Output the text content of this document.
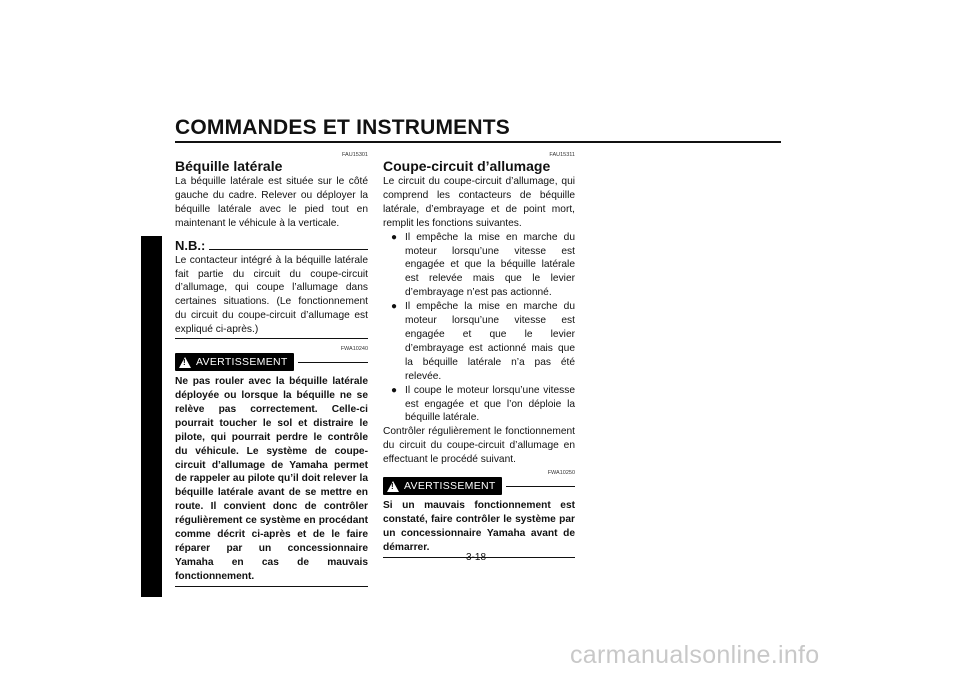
COMMANDES ET INSTRUMENTS
3
FAU15301
Béquille latérale
La béquille latérale est située sur le côté gauche du cadre. Relever ou déployer la béquille latérale avec le pied tout en maintenant le véhicule à la verticale.
N.B.:
Le contacteur intégré à la béquille latérale fait partie du circuit du coupe-circuit d’allumage, qui coupe l’allumage dans certaines situations. (Le fonctionnement du circuit du coupe-circuit d’allumage est expliqué ci-après.)
FWA10240
! AVERTISSEMENT
Ne pas rouler avec la béquille latérale déployée ou lorsque la béquille ne se relève pas correctement. Celle-ci pourrait toucher le sol et distraire le pilote, qui pourrait perdre le contrôle du véhicule. Le système de coupe-circuit d’allumage de Yamaha permet de rappeler au pilote qu’il doit relever la béquille latérale avant de se mettre en route. Il convient donc de contrôler régulièrement ce système en procédant comme décrit ci-après et de le faire réparer par un concessionnaire Yamaha en cas de mauvais fonctionnement.
FAU15311
Coupe-circuit d’allumage
Le circuit du coupe-circuit d’allumage, qui comprend les contacteurs de béquille latérale, d’embrayage et de point mort, remplit les fonctions suivantes.
● Il empêche la mise en marche du moteur lorsqu’une vitesse est engagée et que la béquille latérale est relevée mais que le levier d’embrayage n’est pas actionné.
● Il empêche la mise en marche du moteur lorsqu’une vitesse est engagée et que le levier d’embrayage est actionné mais que la béquille latérale n’a pas été relevée.
● Il coupe le moteur lorsqu’une vitesse est engagée et que l’on déploie la béquille latérale.
Contrôler régulièrement le fonctionnement du circuit du coupe-circuit d’allumage en effectuant le procédé suivant.
FWA10250
! AVERTISSEMENT
Si un mauvais fonctionnement est constaté, faire contrôler le système par un concessionnaire Yamaha avant de démarrer.
3-18
carmanualsonline.info
